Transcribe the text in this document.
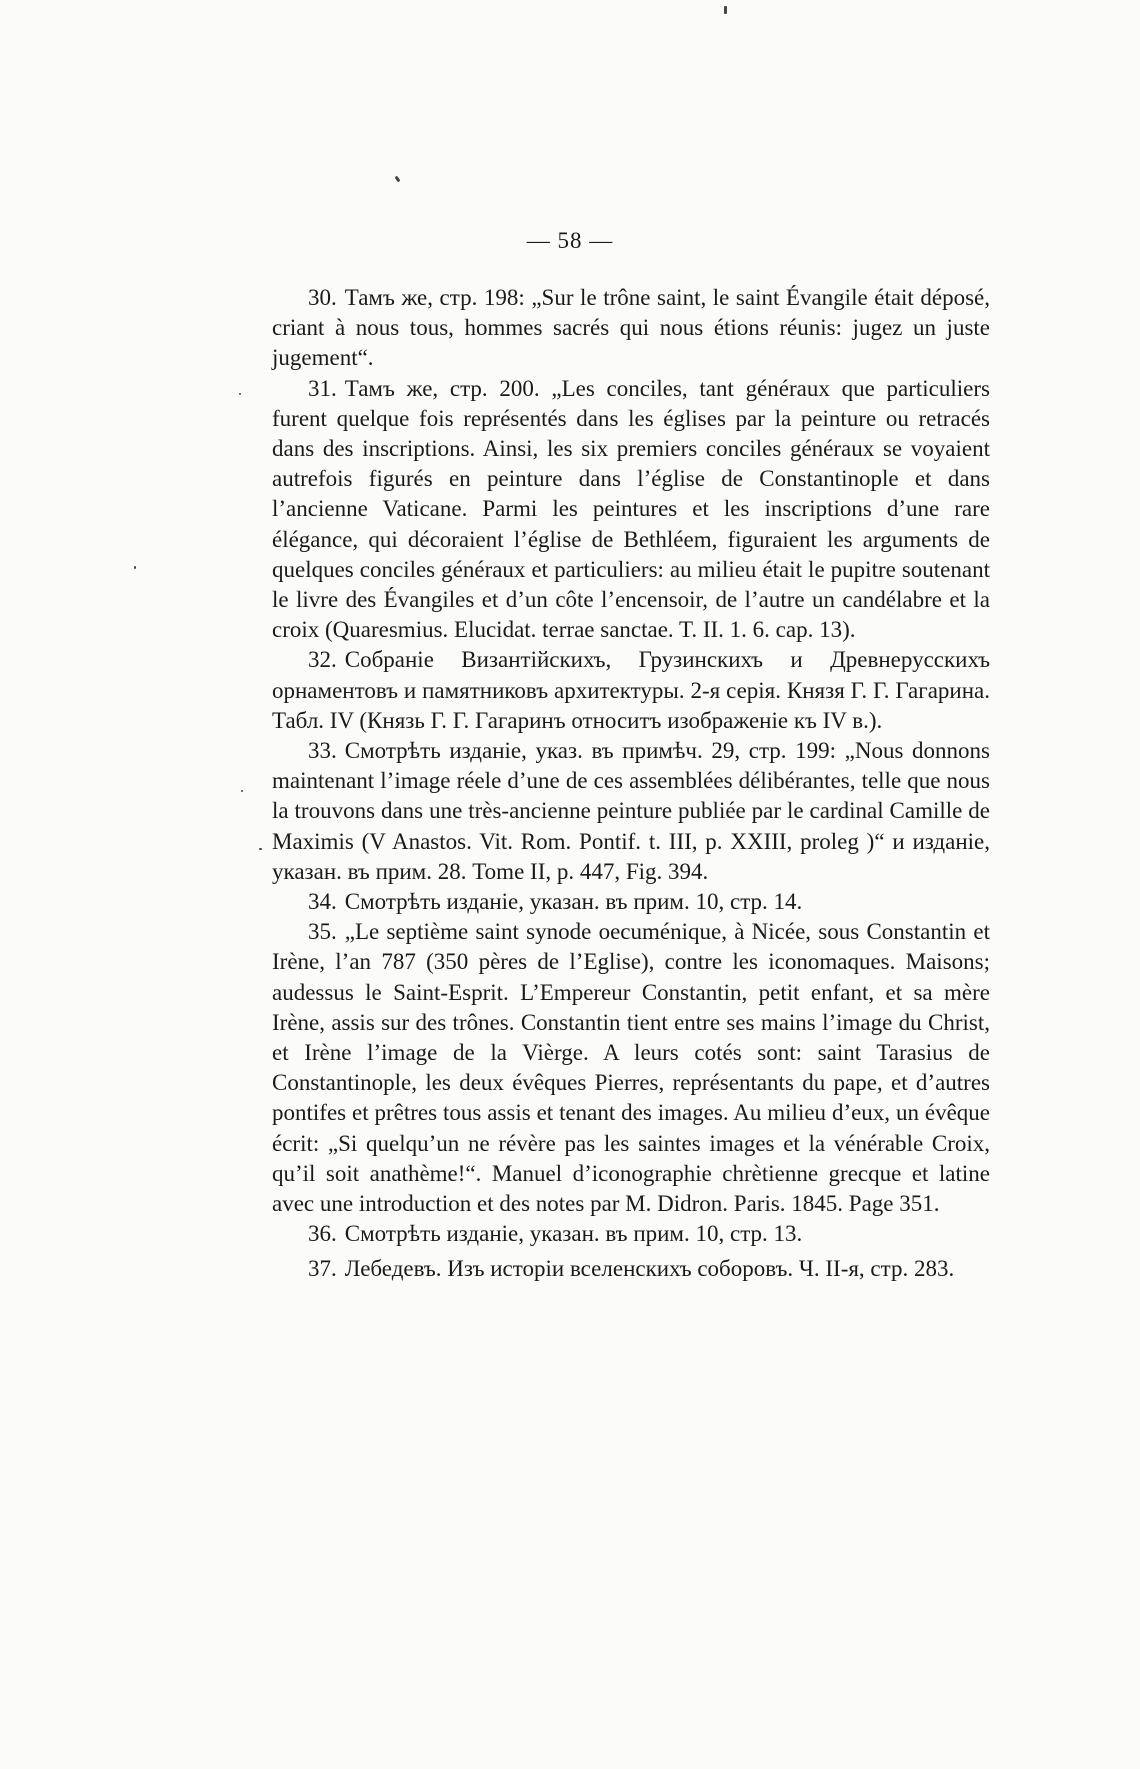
— 58 —

30. Тамъ же, стр. 198: „Sur le trône saint, le saint Évangile était déposé, criant à nous tous, hommes sacrés qui nous étions réunis: jugez un juste jugement“.

31. Тамъ же, стр. 200. „Les conciles, tant généraux que particuliers furent quelque fois représentés dans les églises par la peinture ou retracés dans des inscriptions. Ainsi, les six premiers conciles généraux se voyaient autrefois figurés en peinture dans l’église de Constantinople et dans l’ancienne Vaticane. Parmi les peintures et les inscriptions d’une rare élégance, qui décoraient l’église de Bethléem, figuraient les arguments de quelques conciles généraux et particuliers: au milieu était le pupitre soutenant le livre des Évangiles et d’un côte l’encensoir, de l’autre un candélabre et la croix (Quaresmius. Elucidat. terrae sanctae. T. II. 1. 6. cap. 13).

32. Собраніе Византійскихъ, Грузинскихъ и Древнерусскихъ орнаментовъ и памятниковъ архитектуры. 2-я серія. Князя Г. Г. Гагарина. Табл. IV (Князь Г. Г. Гагаринъ относитъ изображеніе къ IV в.).

33. Смотрѣть изданіе, указ. въ примѣч. 29, стр. 199: „Nous donnons maintenant l’image réele d’une de ces assemblées délibérantes, telle que nous la trouvons dans une très-ancienne peinture publiée par le cardinal Camille de Maximis (V Anastos. Vit. Rom. Pontif. t. III, p. XXIII, proleg )“ и изданіе, указан. въ прим. 28. Tome II, p. 447, Fig. 394.

34. Смотрѣть изданіе, указан. въ прим. 10, стр. 14.

35. „Le septième saint synode oecuménique, à Nicée, sous Constantin et Irène, l’an 787 (350 pères de l’Eglise), contre les iconomaques. Maisons; audessus le Saint-Esprit. L’Empereur Constantin, petit enfant, et sa mère Irène, assis sur des trônes. Constantin tient entre ses mains l’image du Christ, et Irène l’image de la Vièrge. A leurs cotés sont: saint Tarasius de Constantinople, les deux évêques Pierres, représentants du pape, et d’autres pontifes et prêtres tous assis et tenant des images. Au milieu d’eux, un évêque écrit: „Si quelqu’un ne révère pas les saintes images et la vénérable Croix, qu’il soit anathème!“. Manuel d’iconographie chrètienne grecque et latine avec une introduction et des notes par M. Didron. Paris. 1845. Page 351.

36. Смотрѣть изданіе, указан. въ прим. 10, стр. 13.

37. Лебедевъ. Изъ исторіи вселенскихъ соборовъ. Ч. II-я, стр. 283.
